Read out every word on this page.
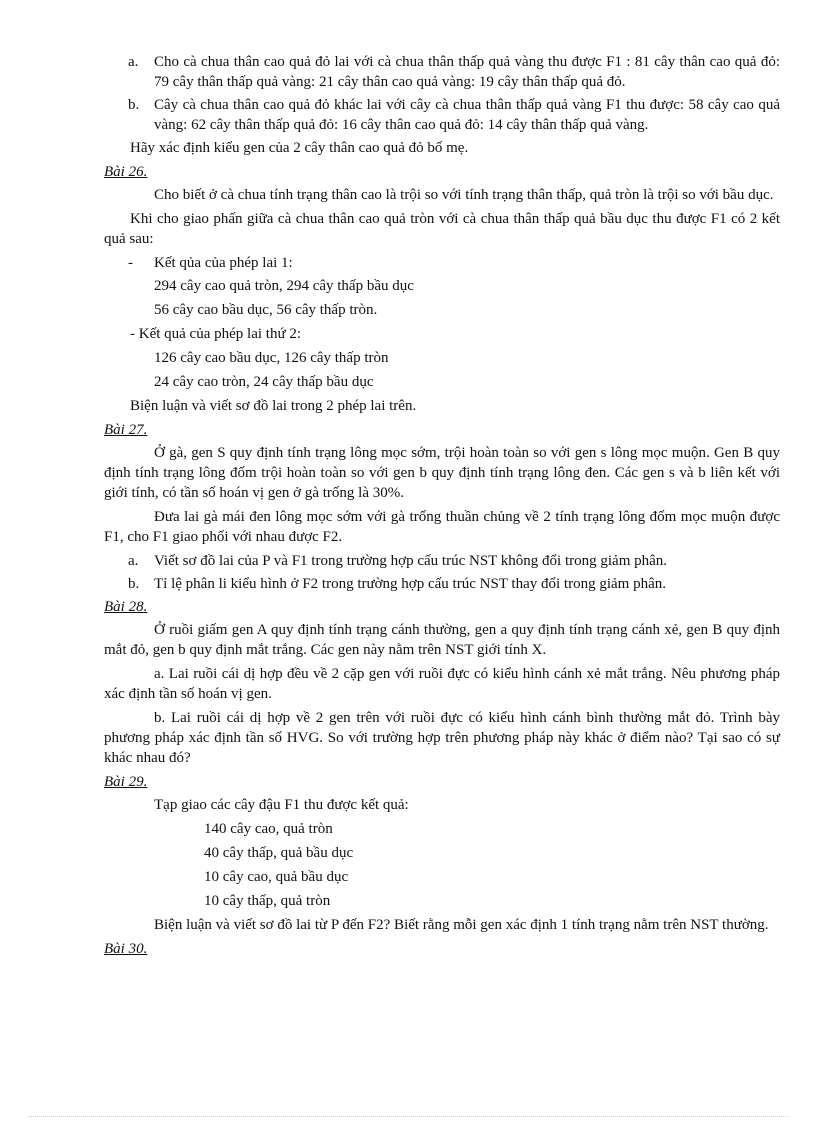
a. Cho cà chua thân cao quả đỏ lai với cà chua thân thấp quả vàng thu được F1 : 81 cây thân cao quả đỏ: 79 cây thân thấp quả vàng: 21 cây thân cao quả vàng: 19 cây thân thấp quả đỏ.

b. Cây cà chua thân cao quả đỏ khác lai với cây cà chua thân thấp quả vàng F1 thu được: 58 cây cao quả vàng: 62 cây thân thấp quả đỏ: 16 cây thân cao quả đỏ: 14 cây thân thấp quả vàng.

Hãy xác định kiểu gen của 2 cây thân cao quả đỏ bố mẹ.

Bài 26.

Cho biết ở cà chua tính trạng thân cao là trội so với tính trạng thân thấp, quả tròn là trội so với bầu dục.

Khi cho giao phấn giữa cà chua thân cao quả tròn với cà chua thân thấp quả bầu dục thu được F1 có 2 kết quả sau:

- Kết qủa của phép lai 1:

294 cây cao quả tròn, 294 cây thấp bầu dục

56 cây cao bầu dục, 56 cây thấp tròn.

- Kết quả của phép lai thứ 2:

126 cây cao bầu dục, 126 cây thấp tròn

24 cây cao tròn, 24 cây thấp bầu dục

Biện luận và viết sơ đồ lai trong 2 phép lai trên.

Bài 27.

Ở gà, gen S quy định tính trạng lông mọc sớm, trội hoàn toàn so với gen s lông mọc muộn. Gen B quy định tính trạng lông đốm trội hoàn toàn so với gen b quy định tính trạng lông đen. Các gen s và b liên kết với giới tính, có tần số hoán vị gen ở gà trống là 30%.

Đưa lai gà mái đen lông mọc sớm với gà trống thuần chủng về 2 tính trạng lông đốm mọc muộn được F1, cho F1 giao phối với nhau được F2.

a. Viết sơ đồ lai của P và F1 trong trường hợp cấu trúc NST không đổi trong giảm phân.

b. Tỉ lệ phân li kiểu hình ở F2 trong trường hợp cấu trúc NST thay đổi trong giảm phân.

Bài 28.

Ở ruồi giấm gen A quy định tính trạng cánh thường, gen a quy định tính trạng cánh xẻ, gen B quy định mắt đỏ, gen b quy định mắt trắng. Các gen này nằm trên NST giới tính X.

a. Lai ruồi cái dị hợp đều về 2 cặp gen với ruồi đực có kiểu hình cánh xẻ mắt trắng. Nêu phương pháp xác định tần số hoán vị gen.

b. Lai ruồi cái dị hợp về 2 gen trên với ruồi đực có kiểu hình cánh bình thường mắt đỏ. Trình bày phương pháp xác định tần số HVG. So với trường hợp trên phương pháp này khác ở điểm nào? Tại sao có sự khác nhau đó?

Bài 29.

Tạp giao các cây đậu F1 thu được kết quả:

140 cây cao, quả tròn

40 cây thấp, quả bầu dục

10 cây cao, quả bầu dục

10 cây thấp, quả tròn

Biện luận và viết sơ đồ lai từ P đến F2? Biết rằng mỗi gen xác định 1 tính trạng nằm trên NST thường.

Bài 30.
